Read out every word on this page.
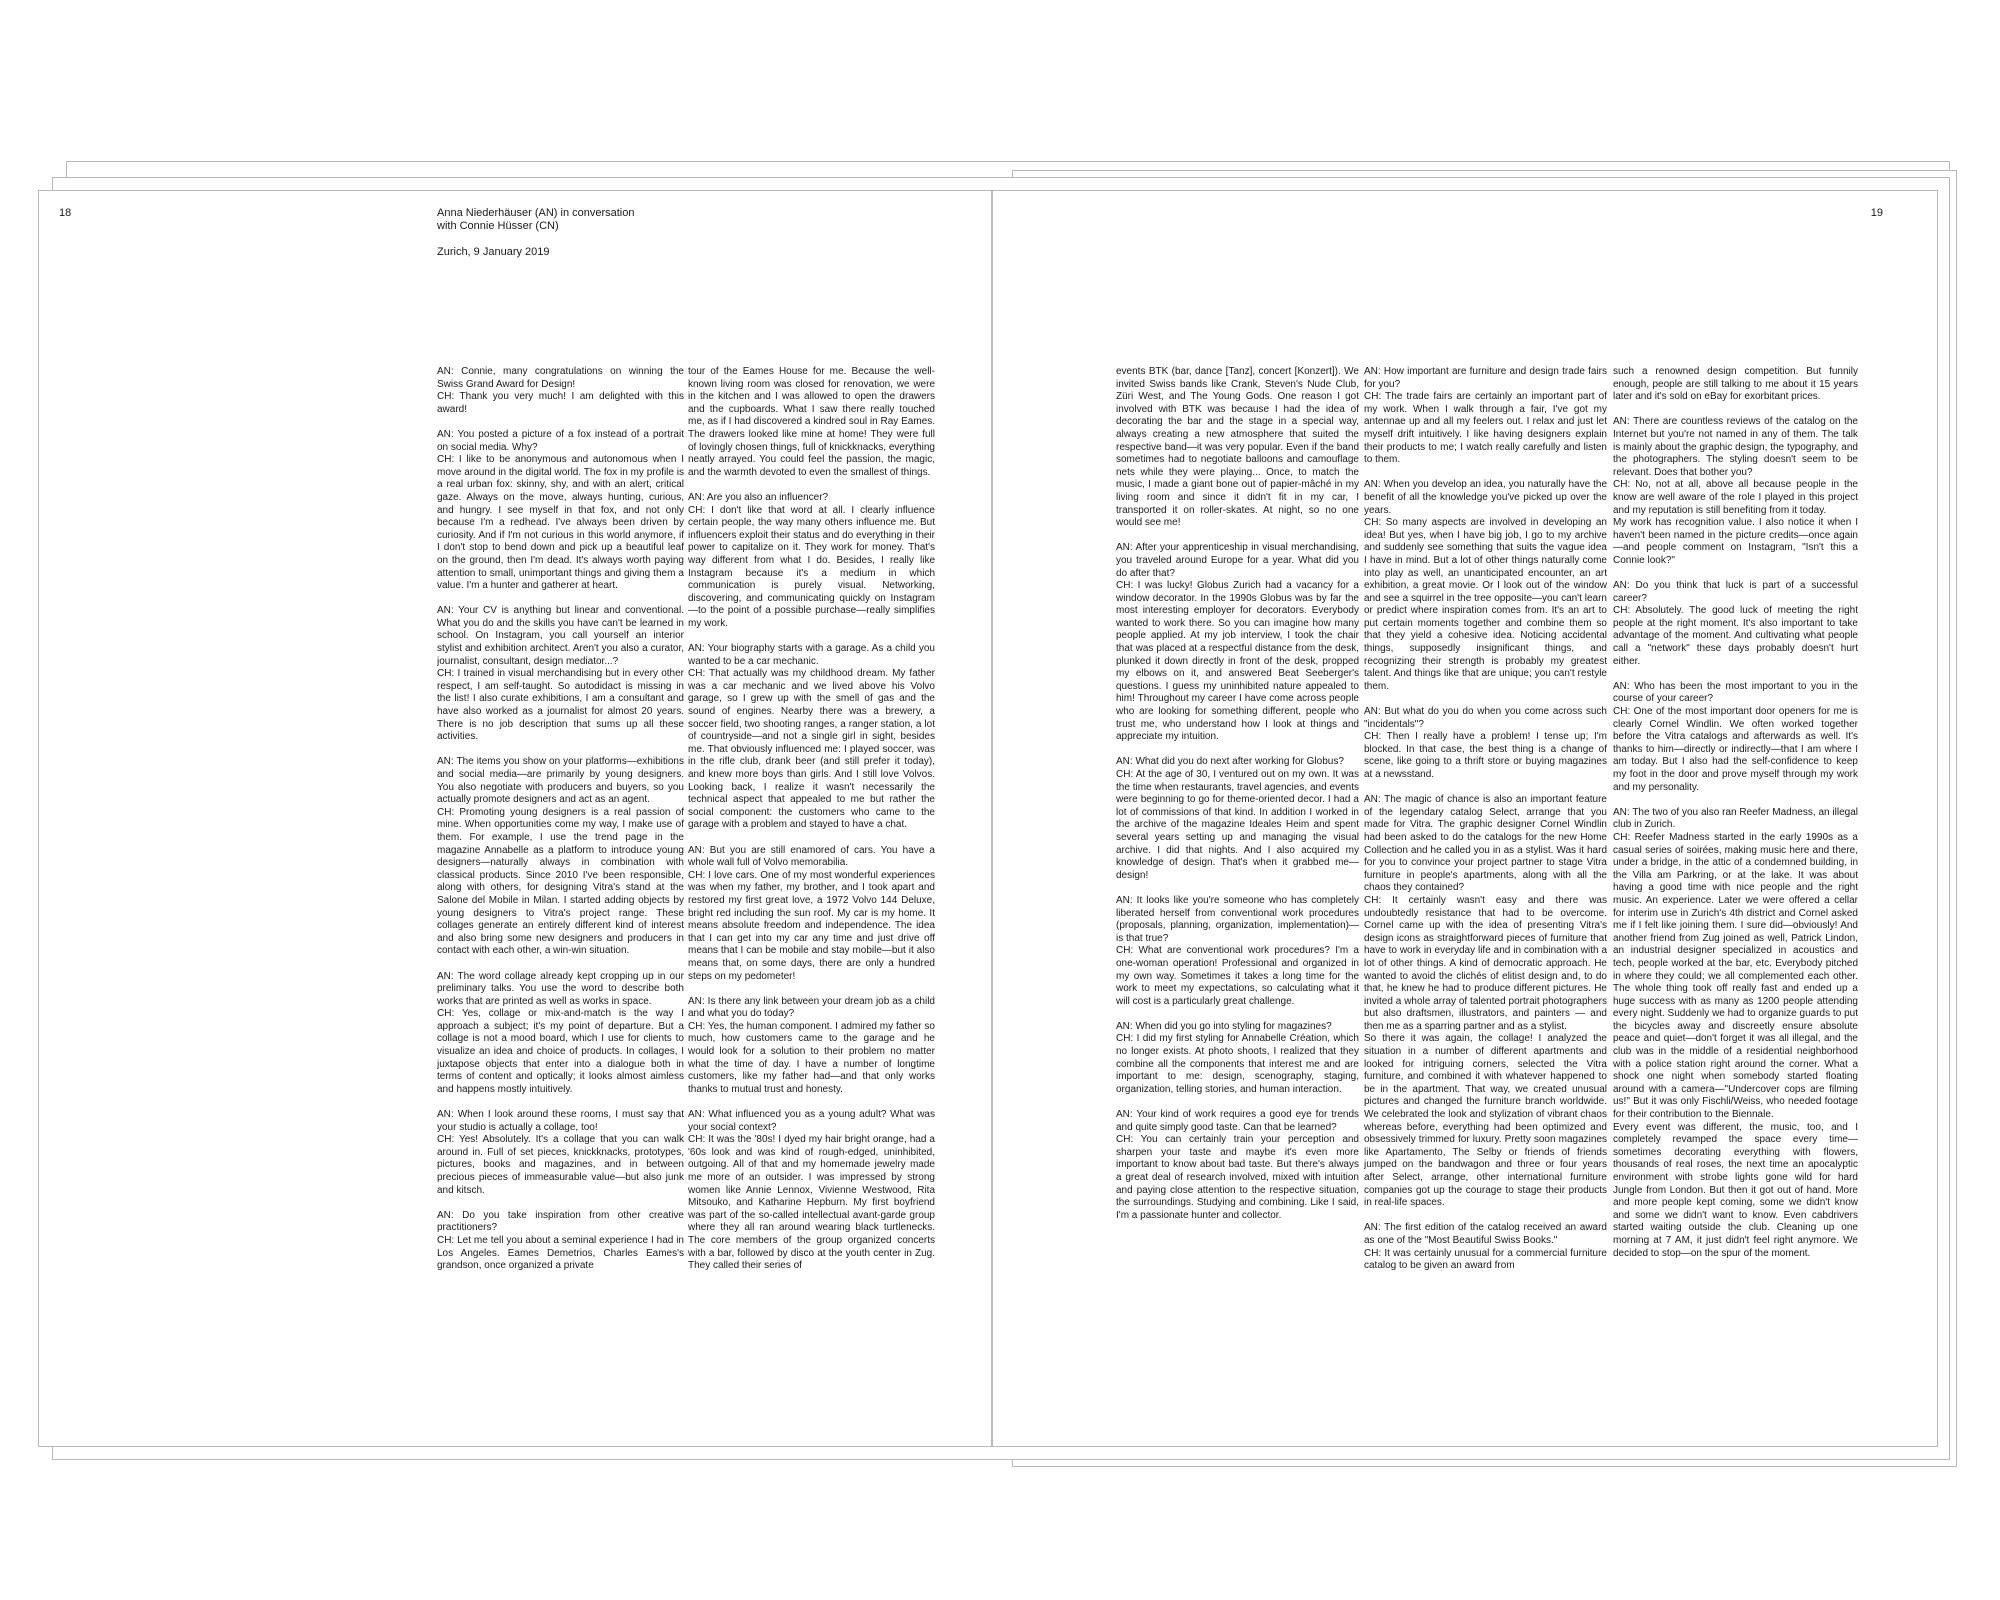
18	Anna Niederhäuser (AN) in conversation
with Connie Hüsser (CN)
Zurich, 9 January 2019
AN: Connie, many congratulations on winning the Swiss Grand Award for Design!
CH: Thank you very much! I am delighted with this award!

AN: You posted a picture of a fox instead of a portrait on social media. Why?
CH: I like to be anonymous and autonomous when I move around in the digital world. The fox in my profile is a real urban fox: skinny, shy, and with an alert, critical gaze. Always on the move, always hunting, curious, and hungry. I see myself in that fox, and not only because I'm a redhead. I've always been driven by curiosity. And if I'm not curious in this world anymore, if I don't stop to bend down and pick up a beautiful leaf on the ground, then I'm dead. It's always worth paying attention to small, unimportant things and giving them a value. I'm a hunter and gatherer at heart.

AN: Your CV is anything but linear and conventional. What you do and the skills you have can't be learned in school. On Instagram, you call yourself an interior stylist and exhibition architect. Aren't you also a curator, journalist, consultant, design mediator...?
CH: I trained in visual merchandising but in every other respect, I am self-taught. So autodidact is missing in the list! I also curate exhibitions, I am a consultant and have also worked as a journalist for almost 20 years. There is no job description that sums up all these activities.

AN: The items you show on your platforms—exhibitions and social media—are primarily by young designers. You also negotiate with producers and buyers, so you actually promote designers and act as an agent.
CH: Promoting young designers is a real passion of mine. When opportunities come my way, I make use of them. For example, I use the trend page in the magazine Annabelle as a platform to introduce young designers—naturally always in combination with classical products. Since 2010 I've been responsible, along with others, for designing Vitra's stand at the Salone del Mobile in Milan. I started adding objects by young designers to Vitra's project range. These collages generate an entirely different kind of interest and also bring some new designers and producers in contact with each other, a win-win situation.

AN: The word collage already kept cropping up in our preliminary talks. You use the word to describe both works that are printed as well as works in space.
CH: Yes, collage or mix-and-match is the way I approach a subject; it's my point of departure. But a collage is not a mood board, which I use for clients to visualize an idea and choice of products. In collages, I juxtapose objects that enter into a dialogue both in terms of content and optically; it looks almost aimless and happens mostly intuitively.

AN: When I look around these rooms, I must say that your studio is actually a collage, too!
CH: Yes! Absolutely. It's a collage that you can walk around in. Full of set pieces, knickknacks, prototypes, pictures, books and magazines, and in between precious pieces of immeasurable value—but also junk and kitsch.

AN: Do you take inspiration from other creative practitioners?
CH: Let me tell you about a seminal experience I had in Los Angeles. Eames Demetrios, Charles Eames's grandson, once organized a private
tour of the Eames House for me. Because the well-known living room was closed for renovation, we were in the kitchen and I was allowed to open the drawers and the cupboards. What I saw there really touched me, as if I had discovered a kindred soul in Ray Eames. The drawers looked like mine at home! They were full of lovingly chosen things, full of knickknacks, everything neatly arrayed. You could feel the passion, the magic, and the warmth devoted to even the smallest of things.

AN: Are you also an influencer?
CH: I don't like that word at all. I clearly influence certain people, the way many others influence me. But influencers exploit their status and do everything in their power to capitalize on it. They work for money. That's way different from what I do. Besides, I really like Instagram because it's a medium in which communication is purely visual. Networking, discovering, and communicating quickly on Instagram—to the point of a possible purchase—really simplifies my work.

AN: Your biography starts with a garage. As a child you wanted to be a car mechanic.
CH: That actually was my childhood dream. My father was a car mechanic and we lived above his Volvo garage, so I grew up with the smell of gas and the sound of engines. Nearby there was a brewery, a soccer field, two shooting ranges, a ranger station, a lot of countryside—and not a single girl in sight, besides me. That obviously influenced me: I played soccer, was in the rifle club, drank beer (and still prefer it today), and knew more boys than girls. And I still love Volvos. Looking back, I realize it wasn't necessarily the technical aspect that appealed to me but rather the social component: the customers who came to the garage with a problem and stayed to have a chat.

AN: But you are still enamored of cars. You have a whole wall full of Volvo memorabilia.
CH: I love cars. One of my most wonderful experiences was when my father, my brother, and I took apart and restored my first great love, a 1972 Volvo 144 Deluxe, bright red including the sun roof. My car is my home. It means absolute freedom and independence. The idea that I can get into my car any time and just drive off means that I can be mobile and stay mobile—but it also means that, on some days, there are only a hundred steps on my pedometer!

AN: Is there any link between your dream job as a child and what you do today?
CH: Yes, the human component. I admired my father so much, how customers came to the garage and he would look for a solution to their problem no matter what the time of day. I have a number of longtime customers, like my father had—and that only works thanks to mutual trust and honesty.

AN: What influenced you as a young adult? What was your social context?
CH: It was the '80s! I dyed my hair bright orange, had a '60s look and was kind of rough-edged, uninhibited, outgoing. All of that and my homemade jewelry made me more of an outsider. I was impressed by strong women like Annie Lennox, Vivienne Westwood, Rita Mitsouko, and Katharine Hepburn. My first boyfriend was part of the so-called intellectual avant-garde group where they all ran around wearing black turtlenecks. The core members of the group organized concerts with a bar, followed by disco at the youth center in Zug. They called their series of
19
events BTK (bar, dance [Tanz], concert [Konzert]). We invited Swiss bands like Crank, Steven's Nude Club, Züri West, and The Young Gods. One reason I got involved with BTK was because I had the idea of decorating the bar and the stage in a special way, always creating a new atmosphere that suited the respective band—it was very popular. Even if the band sometimes had to negotiate balloons and camouflage nets while they were playing... Once, to match the music, I made a giant bone out of papier-mâché in my living room and since it didn't fit in my car, I transported it on roller-skates. At night, so no one would see me!

AN: After your apprenticeship in visual merchandising, you traveled around Europe for a year. What did you do after that?
CH: I was lucky! Globus Zurich had a vacancy for a window decorator. In the 1990s Globus was by far the most interesting employer for decorators. Everybody wanted to work there. So you can imagine how many people applied. At my job interview, I took the chair that was placed at a respectful distance from the desk, plunked it down directly in front of the desk, propped my elbows on it, and answered Beat Seeberger's questions. I guess my uninhibited nature appealed to him! Throughout my career I have come across people who are looking for something different, people who trust me, who understand how I look at things and appreciate my intuition.

AN: What did you do next after working for Globus?
CH: At the age of 30, I ventured out on my own. It was the time when restaurants, travel agencies, and events were beginning to go for theme-oriented decor. I had a lot of commissions of that kind. In addition I worked in the archive of the magazine Ideales Heim and spent several years setting up and managing the visual archive. I did that nights. And I also acquired my knowledge of design. That's when it grabbed me—design!

AN: It looks like you're someone who has completely liberated herself from conventional work procedures (proposals, planning, organization, implementation)—is that true?
CH: What are conventional work procedures? I'm a one-woman operation! Professional and organized in my own way. Sometimes it takes a long time for the work to meet my expectations, so calculating what it will cost is a particularly great challenge.

AN: When did you go into styling for magazines?
CH: I did my first styling for Annabelle Création, which no longer exists. At photo shoots, I realized that they combine all the components that interest me and are important to me: design, scenography, staging, organization, telling stories, and human interaction.

AN: Your kind of work requires a good eye for trends and quite simply good taste. Can that be learned?
CH: You can certainly train your perception and sharpen your taste and maybe it's even more important to know about bad taste. But there's always a great deal of research involved, mixed with intuition and paying close attention to the respective situation, the surroundings. Studying and combining. Like I said, I'm a passionate hunter and collector.
AN: How important are furniture and design trade fairs for you?
CH: The trade fairs are certainly an important part of my work. When I walk through a fair, I've got my antennae up and all my feelers out. I relax and just let myself drift intuitively. I like having designers explain their products to me; I watch really carefully and listen to them.

AN: When you develop an idea, you naturally have the benefit of all the knowledge you've picked up over the years.
CH: So many aspects are involved in developing an idea! But yes, when I have big job, I go to my archive and suddenly see something that suits the vague idea I have in mind. But a lot of other things naturally come into play as well, an unanticipated encounter, an art exhibition, a great movie. Or I look out of the window and see a squirrel in the tree opposite—you can't learn or predict where inspiration comes from. It's an art to put certain moments together and combine them so that they yield a cohesive idea. Noticing accidental things, supposedly insignificant things, and recognizing their strength is probably my greatest talent. And things like that are unique; you can't restyle them.

AN: But what do you do when you come across such "incidentals"?
CH: Then I really have a problem! I tense up; I'm blocked. In that case, the best thing is a change of scene, like going to a thrift store or buying magazines at a newsstand.

AN: The magic of chance is also an important feature of the legendary catalog Select, arrange that you made for Vitra. The graphic designer Cornel Windlin had been asked to do the catalogs for the new Home Collection and he called you in as a stylist. Was it hard for you to convince your project partner to stage Vitra furniture in people's apartments, along with all the chaos they contained?
CH: It certainly wasn't easy and there was undoubtedly resistance that had to be overcome. Cornel came up with the idea of presenting Vitra's design icons as straightforward pieces of furniture that have to work in everyday life and in combination with a lot of other things. A kind of democratic approach. He wanted to avoid the clichés of elitist design and, to do that, he knew he had to produce different pictures. He invited a whole array of talented portrait photographers but also draftsmen, illustrators, and painters — and then me as a sparring partner and as a stylist.
So there it was again, the collage! I analyzed the situation in a number of different apartments and looked for intriguing corners, selected the Vitra furniture, and combined it with whatever happened to be in the apartment. That way, we created unusual pictures and changed the furniture branch worldwide. We celebrated the look and stylization of vibrant chaos whereas before, everything had been optimized and obsessively trimmed for luxury. Pretty soon magazines like Apartamento, The Selby or friends of friends jumped on the bandwagon and three or four years after Select, arrange, other international furniture companies got up the courage to stage their products in real-life spaces.

AN: The first edition of the catalog received an award as one of the "Most Beautiful Swiss Books."
CH: It was certainly unusual for a commercial furniture catalog to be given an award from
such a renowned design competition. But funnily enough, people are still talking to me about it 15 years later and it's sold on eBay for exorbitant prices.

AN: There are countless reviews of the catalog on the Internet but you're not named in any of them. The talk is mainly about the graphic design, the typography, and the photographers. The styling doesn't seem to be relevant. Does that bother you?
CH: No, not at all, above all because people in the know are well aware of the role I played in this project and my reputation is still benefiting from it today.
My work has recognition value. I also notice it when I haven't been named in the picture credits—once again—and people comment on Instagram, "Isn't this a Connie look?"

AN: Do you think that luck is part of a successful career?
CH: Absolutely. The good luck of meeting the right people at the right moment. It's also important to take advantage of the moment. And cultivating what people call a "network" these days probably doesn't hurt either.

AN: Who has been the most important to you in the course of your career?
CH: One of the most important door openers for me is clearly Cornel Windlin. We often worked together before the Vitra catalogs and afterwards as well. It's thanks to him—directly or indirectly—that I am where I am today. But I also had the self-confidence to keep my foot in the door and prove myself through my work and my personality.

AN: The two of you also ran Reefer Madness, an illegal club in Zurich.
CH: Reefer Madness started in the early 1990s as a casual series of soirées, making music here and there, under a bridge, in the attic of a condemned building, in the Villa am Parkring, or at the lake. It was about having a good time with nice people and the right music. An experience. Later we were offered a cellar for interim use in Zurich's 4th district and Cornel asked me if I felt like joining them. I sure did—obviously! And another friend from Zug joined as well, Patrick Lindon, an industrial designer specialized in acoustics and tech, people worked at the bar, etc. Everybody pitched in where they could; we all complemented each other. The whole thing took off really fast and ended up a huge success with as many as 1200 people attending every night. Suddenly we had to organize guards to put the bicycles away and discreetly ensure absolute peace and quiet—don't forget it was all illegal, and the club was in the middle of a residential neighborhood with a police station right around the corner. What a shock one night when somebody started floating around with a camera—"Undercover cops are filming us!" But it was only Fischli/Weiss, who needed footage for their contribution to the Biennale.
Every event was different, the music, too, and I completely revamped the space every time—sometimes decorating everything with flowers, thousands of real roses, the next time an apocalyptic environment with strobe lights gone wild for hard Jungle from London. But then it got out of hand. More and more people kept coming, some we didn't know and some we didn't want to know. Even cabdrivers started waiting outside the club. Cleaning up one morning at 7 AM, it just didn't feel right anymore. We decided to stop—on the spur of the moment.
